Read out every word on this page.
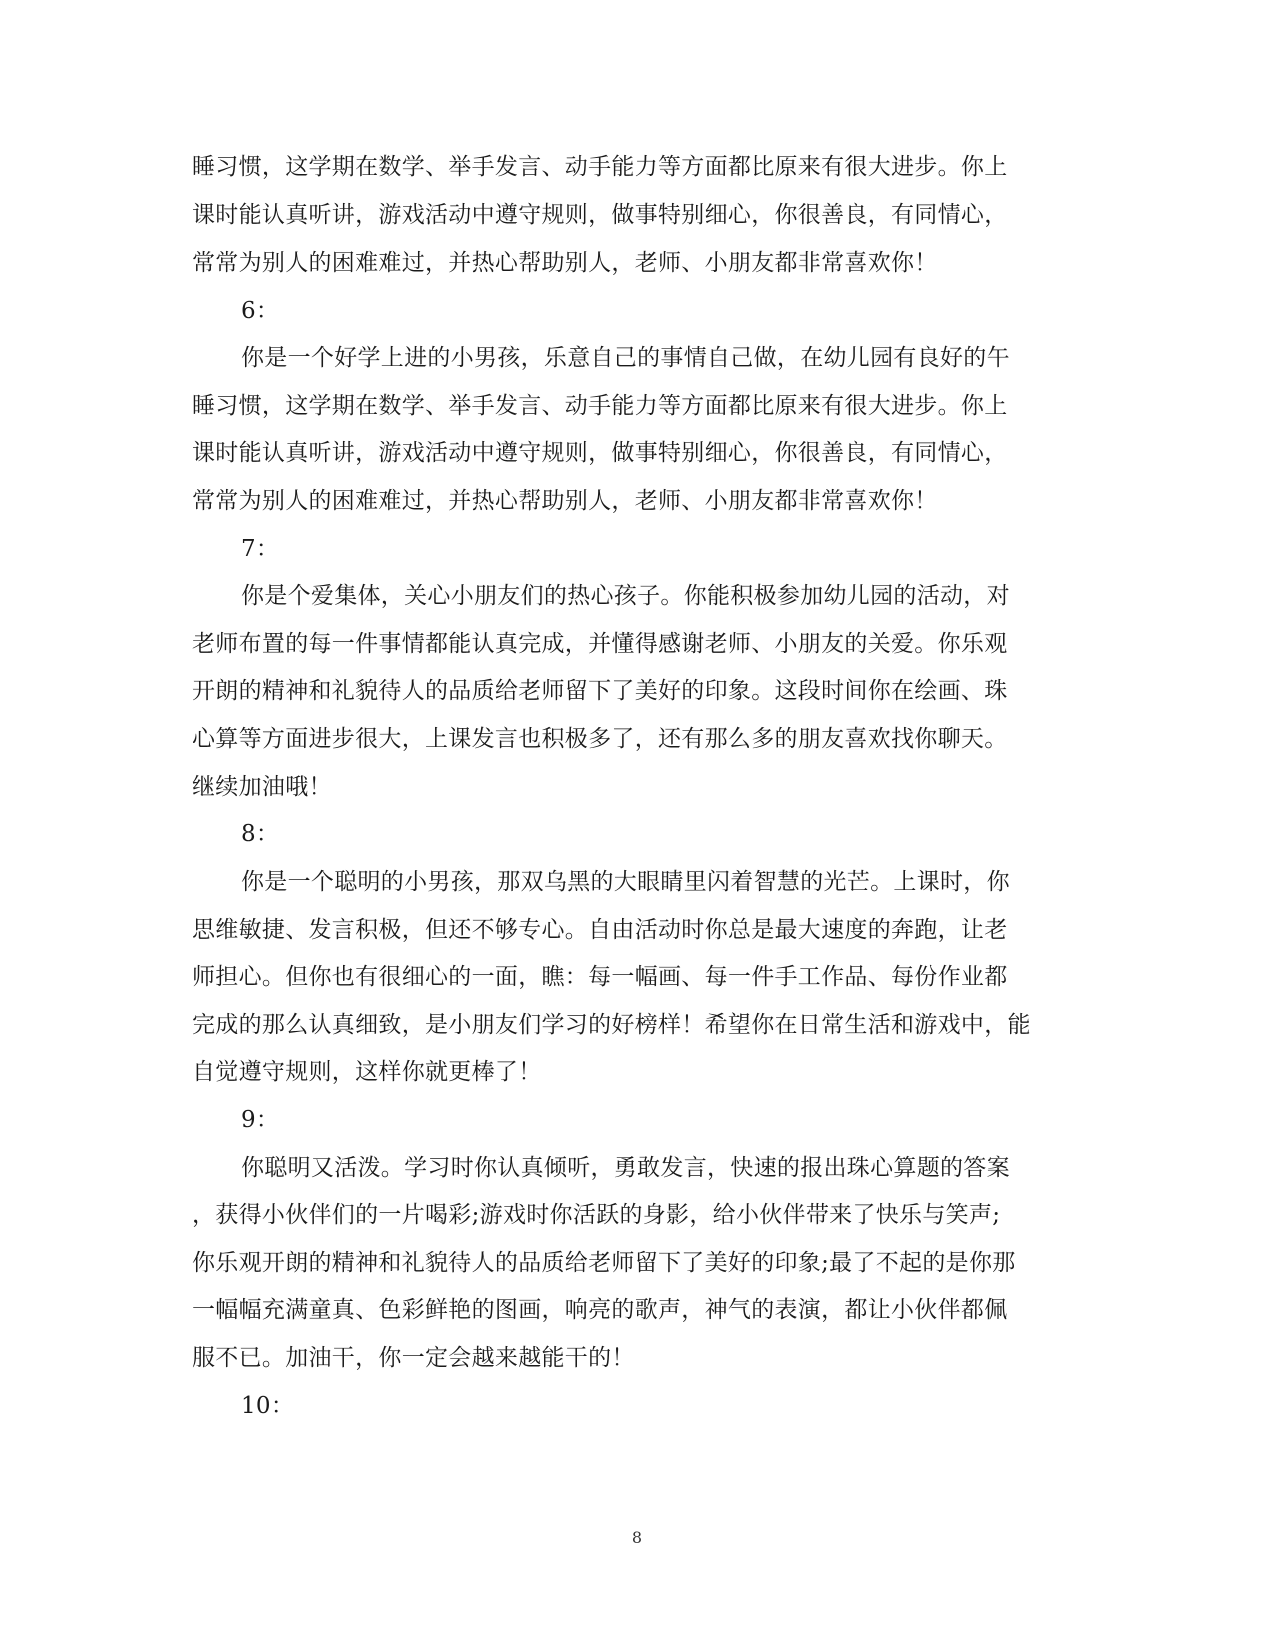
睡习惯，这学期在数学、举手发言、动手能力等方面都比原来有很大进步。你上
课时能认真听讲，游戏活动中遵守规则，做事特别细心，你很善良，有同情心，
常常为别人的困难难过，并热心帮助别人，老师、小朋友都非常喜欢你！
6：
你是一个好学上进的小男孩，乐意自己的事情自己做，在幼儿园有良好的午
睡习惯，这学期在数学、举手发言、动手能力等方面都比原来有很大进步。你上
课时能认真听讲，游戏活动中遵守规则，做事特别细心，你很善良，有同情心，
常常为别人的困难难过，并热心帮助别人，老师、小朋友都非常喜欢你！
7：
你是个爱集体，关心小朋友们的热心孩子。你能积极参加幼儿园的活动，对
老师布置的每一件事情都能认真完成，并懂得感谢老师、小朋友的关爱。你乐观
开朗的精神和礼貌待人的品质给老师留下了美好的印象。这段时间你在绘画、珠
心算等方面进步很大，上课发言也积极多了，还有那么多的朋友喜欢找你聊天。
继续加油哦！
8：
你是一个聪明的小男孩，那双乌黑的大眼睛里闪着智慧的光芒。上课时，你
思维敏捷、发言积极，但还不够专心。自由活动时你总是最大速度的奔跑，让老
师担心。但你也有很细心的一面，瞧：每一幅画、每一件手工作品、每份作业都
完成的那么认真细致，是小朋友们学习的好榜样！希望你在日常生活和游戏中，能
自觉遵守规则，这样你就更棒了！
9：
你聪明又活泼。学习时你认真倾听，勇敢发言，快速的报出珠心算题的答案
，获得小伙伴们的一片喝彩;游戏时你活跃的身影，给小伙伴带来了快乐与笑声;
你乐观开朗的精神和礼貌待人的品质给老师留下了美好的印象;最了不起的是你那
一幅幅充满童真、色彩鲜艳的图画，响亮的歌声，神气的表演，都让小伙伴都佩
服不已。加油干，你一定会越来越能干的！
10：
8
